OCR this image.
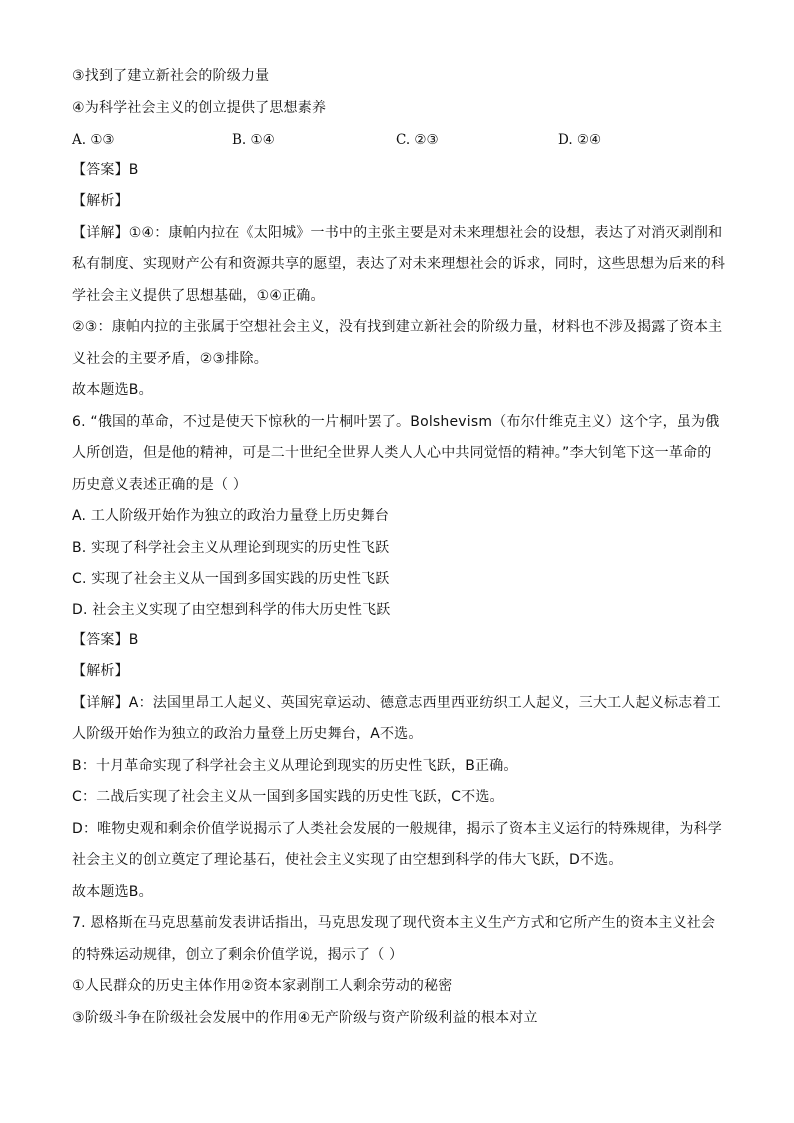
③找到了建立新社会的阶级力量
④为科学社会主义的创立提供了思想素养
A. ①③	B. ①④	C. ②③	D. ②④
【答案】B
【解析】
【详解】①④：康帕内拉在《太阳城》一书中的主张主要是对未来理想社会的设想，表达了对消灭剥削和
私有制度、实现财产公有和资源共享的愿望，表达了对未来理想社会的诉求，同时，这些思想为后来的科
学社会主义提供了思想基础，①④正确。
②③：康帕内拉的主张属于空想社会主义，没有找到建立新社会的阶级力量，材料也不涉及揭露了资本主
义社会的主要矛盾，②③排除。
故本题选B。
6. “俄国的革命，不过是使天下惊秋的一片桐叶罢了。Bolshevism（布尔什维克主义）这个字，虽为俄
人所创造，但是他的精神，可是二十世纪全世界人类人人心中共同觉悟的精神。”李大钊笔下这一革命的
历史意义表述正确的是（ ）
A. 工人阶级开始作为独立的政治力量登上历史舞台
B. 实现了科学社会主义从理论到现实的历史性飞跃
C. 实现了社会主义从一国到多国实践的历史性飞跃
D. 社会主义实现了由空想到科学的伟大历史性飞跃
【答案】B
【解析】
【详解】A：法国里昂工人起义、英国宪章运动、德意志西里西亚纺织工人起义，三大工人起义标志着工
人阶级开始作为独立的政治力量登上历史舞台，A不选。
B：十月革命实现了科学社会主义从理论到现实的历史性飞跃，B正确。
C：二战后实现了社会主义从一国到多国实践的历史性飞跃，C不选。
D：唯物史观和剩余价值学说揭示了人类社会发展的一般规律，揭示了资本主义运行的特殊规律，为科学
社会主义的创立奠定了理论基石，使社会主义实现了由空想到科学的伟大飞跃，D不选。
故本题选B。
7. 恩格斯在马克思墓前发表讲话指出，马克思发现了现代资本主义生产方式和它所产生的资本主义社会
的特殊运动规律，创立了剩余价值学说，揭示了（ ）
①人民群众的历史主体作用②资本家剥削工人剩余劳动的秘密
③阶级斗争在阶级社会发展中的作用④无产阶级与资产阶级利益的根本对立
